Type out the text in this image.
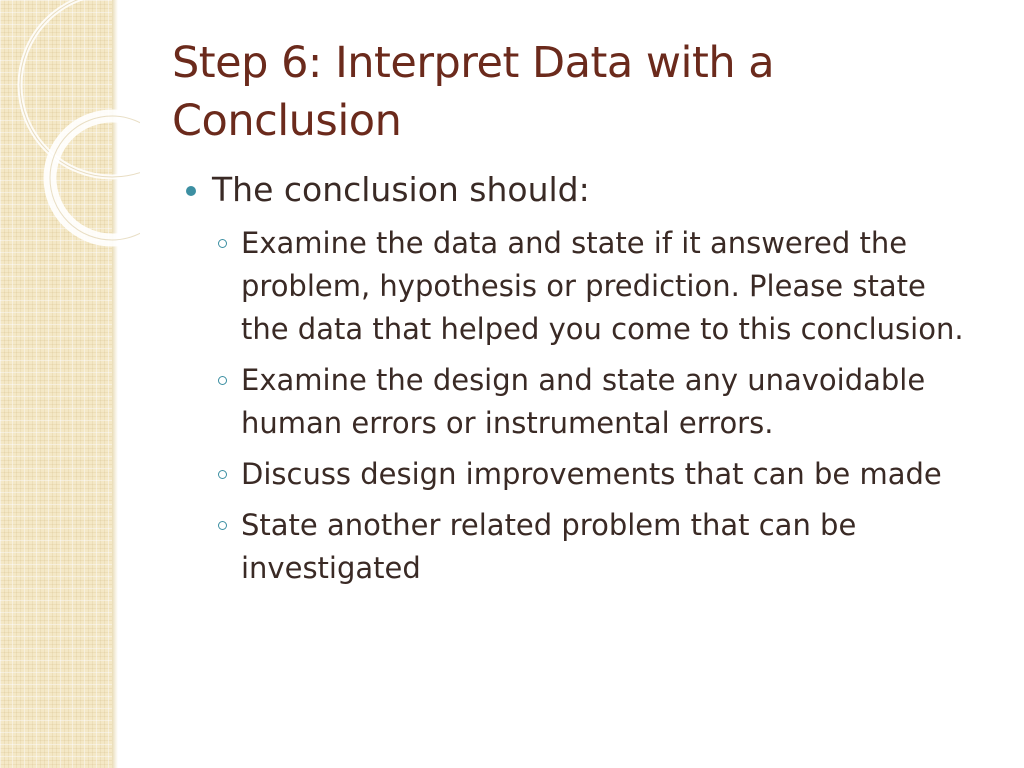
Step 6: Interpret Data with a Conclusion
The conclusion should:
Examine the data and state if it answered the problem, hypothesis or prediction. Please state the data that helped you come to this conclusion.
Examine the design and state any unavoidable human errors or instrumental errors.
Discuss design improvements that can be made
State another related problem that can be investigated
